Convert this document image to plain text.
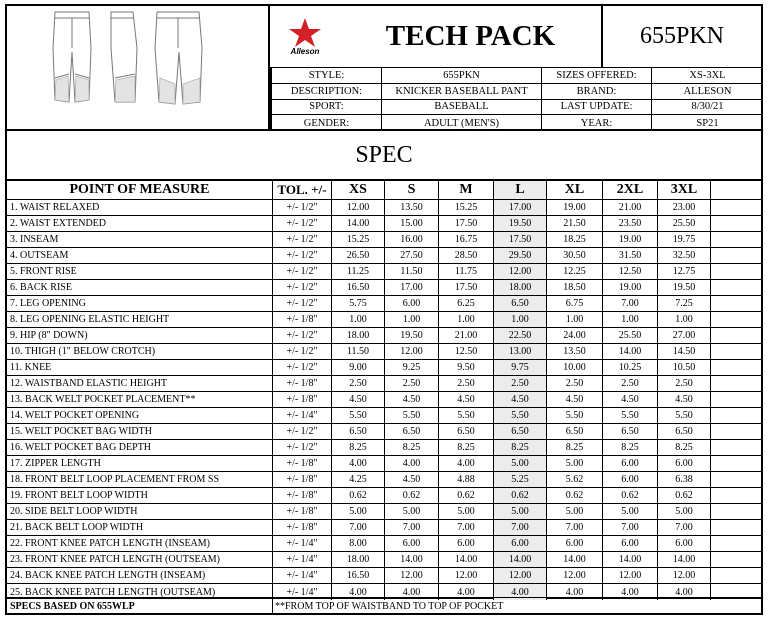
Alleson	TECH PACK	655PKN
STYLE:	655PKN	SIZES OFFERED:	XS-3XL
DESCRIPTION:	KNICKER BASEBALL PANT	BRAND:	ALLESON
SPORT:	BASEBALL	LAST UPDATE:	8/30/21
GENDER:	ADULT (MEN'S)	YEAR:	SP21
SPEC
POINT OF MEASURE	TOL. +/-	XS	S	M	L	XL	2XL	3XL
1. WAIST RELAXED	+/- 1/2"	12.00	13.50	15.25	17.00	19.00	21.00	23.00
2. WAIST EXTENDED	+/- 1/2"	14.00	15.00	17.50	19.50	21.50	23.50	25.50
3. INSEAM	+/- 1/2"	15.25	16.00	16.75	17.50	18.25	19.00	19.75
4. OUTSEAM	+/- 1/2"	26.50	27.50	28.50	29.50	30.50	31.50	32.50
5. FRONT RISE	+/- 1/2"	11.25	11.50	11.75	12.00	12.25	12.50	12.75
6. BACK RISE	+/- 1/2"	16.50	17.00	17.50	18.00	18.50	19.00	19.50
7. LEG OPENING	+/- 1/2"	5.75	6.00	6.25	6.50	6.75	7.00	7.25
8. LEG OPENING ELASTIC HEIGHT	+/- 1/8"	1.00	1.00	1.00	1.00	1.00	1.00	1.00
9. HIP (8" DOWN)	+/- 1/2"	18.00	19.50	21.00	22.50	24.00	25.50	27.00
10. THIGH (1" BELOW CROTCH)	+/- 1/2"	11.50	12.00	12.50	13.00	13.50	14.00	14.50
11. KNEE	+/- 1/2"	9.00	9.25	9.50	9.75	10.00	10.25	10.50
12. WAISTBAND ELASTIC HEIGHT	+/- 1/8"	2.50	2.50	2.50	2.50	2.50	2.50	2.50
13. BACK WELT POCKET PLACEMENT**	+/- 1/8"	4.50	4.50	4.50	4.50	4.50	4.50	4.50
14. WELT POCKET OPENING	+/- 1/4"	5.50	5.50	5.50	5.50	5.50	5.50	5.50
15. WELT POCKET BAG WIDTH	+/- 1/2"	6.50	6.50	6.50	6.50	6.50	6.50	6.50
16. WELT POCKET BAG DEPTH	+/- 1/2"	8.25	8.25	8.25	8.25	8.25	8.25	8.25
17. ZIPPER LENGTH	+/- 1/8"	4.00	4.00	4.00	5.00	5.00	6.00	6.00
18. FRONT BELT LOOP PLACEMENT FROM SS	+/- 1/8"	4.25	4.50	4.88	5.25	5.62	6.00	6.38
19. FRONT BELT LOOP WIDTH	+/- 1/8"	0.62	0.62	0.62	0.62	0.62	0.62	0.62
20. SIDE BELT LOOP WIDTH	+/- 1/8"	5.00	5.00	5.00	5.00	5.00	5.00	5.00
21. BACK BELT LOOP WIDTH	+/- 1/8"	7.00	7.00	7.00	7.00	7.00	7.00	7.00
22. FRONT KNEE PATCH LENGTH (INSEAM)	+/- 1/4"	8.00	6.00	6.00	6.00	6.00	6.00	6.00
23. FRONT KNEE PATCH LENGTH (OUTSEAM)	+/- 1/4"	18.00	14.00	14.00	14.00	14.00	14.00	14.00
24. BACK KNEE PATCH LENGTH (INSEAM)	+/- 1/4"	16.50	12.00	12.00	12.00	12.00	12.00	12.00
25. BACK KNEE PATCH LENGTH (OUTSEAM)	+/- 1/4"	4.00	4.00	4.00	4.00	4.00	4.00	4.00
SPECS BASED ON 655WLP	**FROM TOP OF WAISTBAND TO TOP OF POCKET
